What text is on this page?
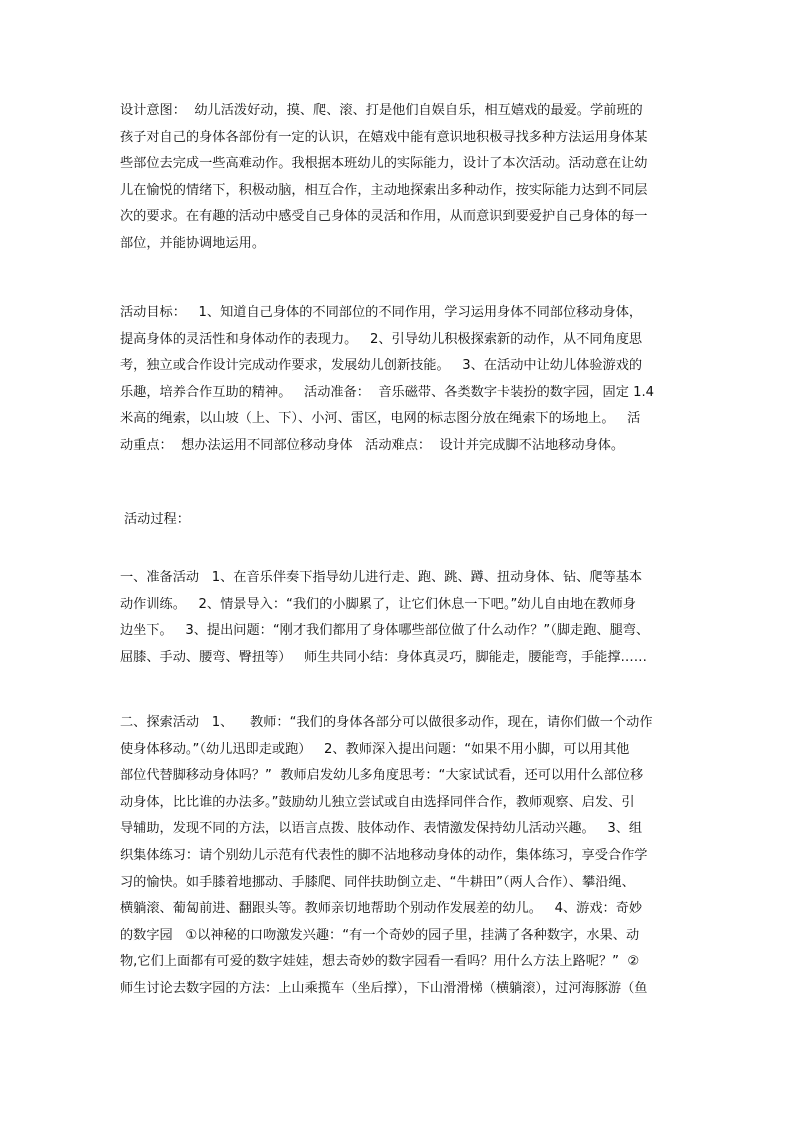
设计意图：  幼儿活泼好动，摸、爬、滚、打是他们自娱自乐，相互嬉戏的最爱。学前班的
孩子对自己的身体各部份有一定的认识，在嬉戏中能有意识地积极寻找多种方法运用身体某
些部位去完成一些高难动作。我根据本班幼儿的实际能力，设计了本次活动。活动意在让幼
儿在愉悦的情绪下，积极动脑，相互合作，主动地探索出多种动作，按实际能力达到不同层
次的要求。在有趣的活动中感受自己身体的灵活和作用，从而意识到要爱护自己身体的每一
部位，并能协调地运用。

活动目标：   1、知道自己身体的不同部位的不同作用，学习运用身体不同部位移动身体，
提高身体的灵活性和身体动作的表现力。   2、引导幼儿积极探索新的动作，从不同角度思
考，独立或合作设计完成动作要求，发展幼儿创新技能。   3、在活动中让幼儿体验游戏的
乐趣，培养合作互助的精神。   活动准备：  音乐磁带、各类数字卡装扮的数字园，固定 1.4
米高的绳索，以山坡（上、下）、小河、雷区，电网的标志图分放在绳索下的场地上。   活
动重点：  想办法运用不同部位移动身体   活动难点：  设计并完成脚不沾地移动身体。

活动过程：

一、准备活动   1、在音乐伴奏下指导幼儿进行走、跑、跳、蹲、扭动身体、钻、爬等基本
动作训练。   2、情景导入：“我们的小脚累了，让它们休息一下吧。”幼儿自由地在教师身
边坐下。   3、提出问题：“刚才我们都用了身体哪些部位做了什么动作？”（脚走跑、腿弯、
屈膝、手动、腰弯、臀扭等）   师生共同小结：身体真灵巧，脚能走，腰能弯，手能撑……

二、探索活动   1、    教师：“我们的身体各部分可以做很多动作，现在，请你们做一个动作
使身体移动。”（幼儿迅即走或跑）   2、教师深入提出问题：“如果不用小脚，可以用其他
部位代替脚移动身体吗？”  教师启发幼儿多角度思考：“大家试试看，还可以用什么部位移
动身体，比比谁的办法多。”鼓励幼儿独立尝试或自由选择同伴合作，教师观察、启发、引
导辅助，发现不同的方法，以语言点拨、肢体动作、表情激发保持幼儿活动兴趣。   3、组
织集体练习：请个别幼儿示范有代表性的脚不沾地移动身体的动作，集体练习，享受合作学
习的愉快。如手膝着地挪动、手膝爬、同伴扶助倒立走、“牛耕田”（两人合作）、攀沿绳、
横躺滚、葡匐前进、翻跟头等。教师亲切地帮助个别动作发展差的幼儿。   4、游戏：奇妙
的数字园   ①以神秘的口吻激发兴趣：“有一个奇妙的园子里，挂满了各种数字，水果、动
物,它们上面都有可爱的数字娃娃，想去奇妙的数字园看一看吗？用什么方法上路呢？”  ②
师生讨论去数字园的方法：上山乘揽车（坐后撑），下山滑滑梯（横躺滚），过河海豚游（鱼
